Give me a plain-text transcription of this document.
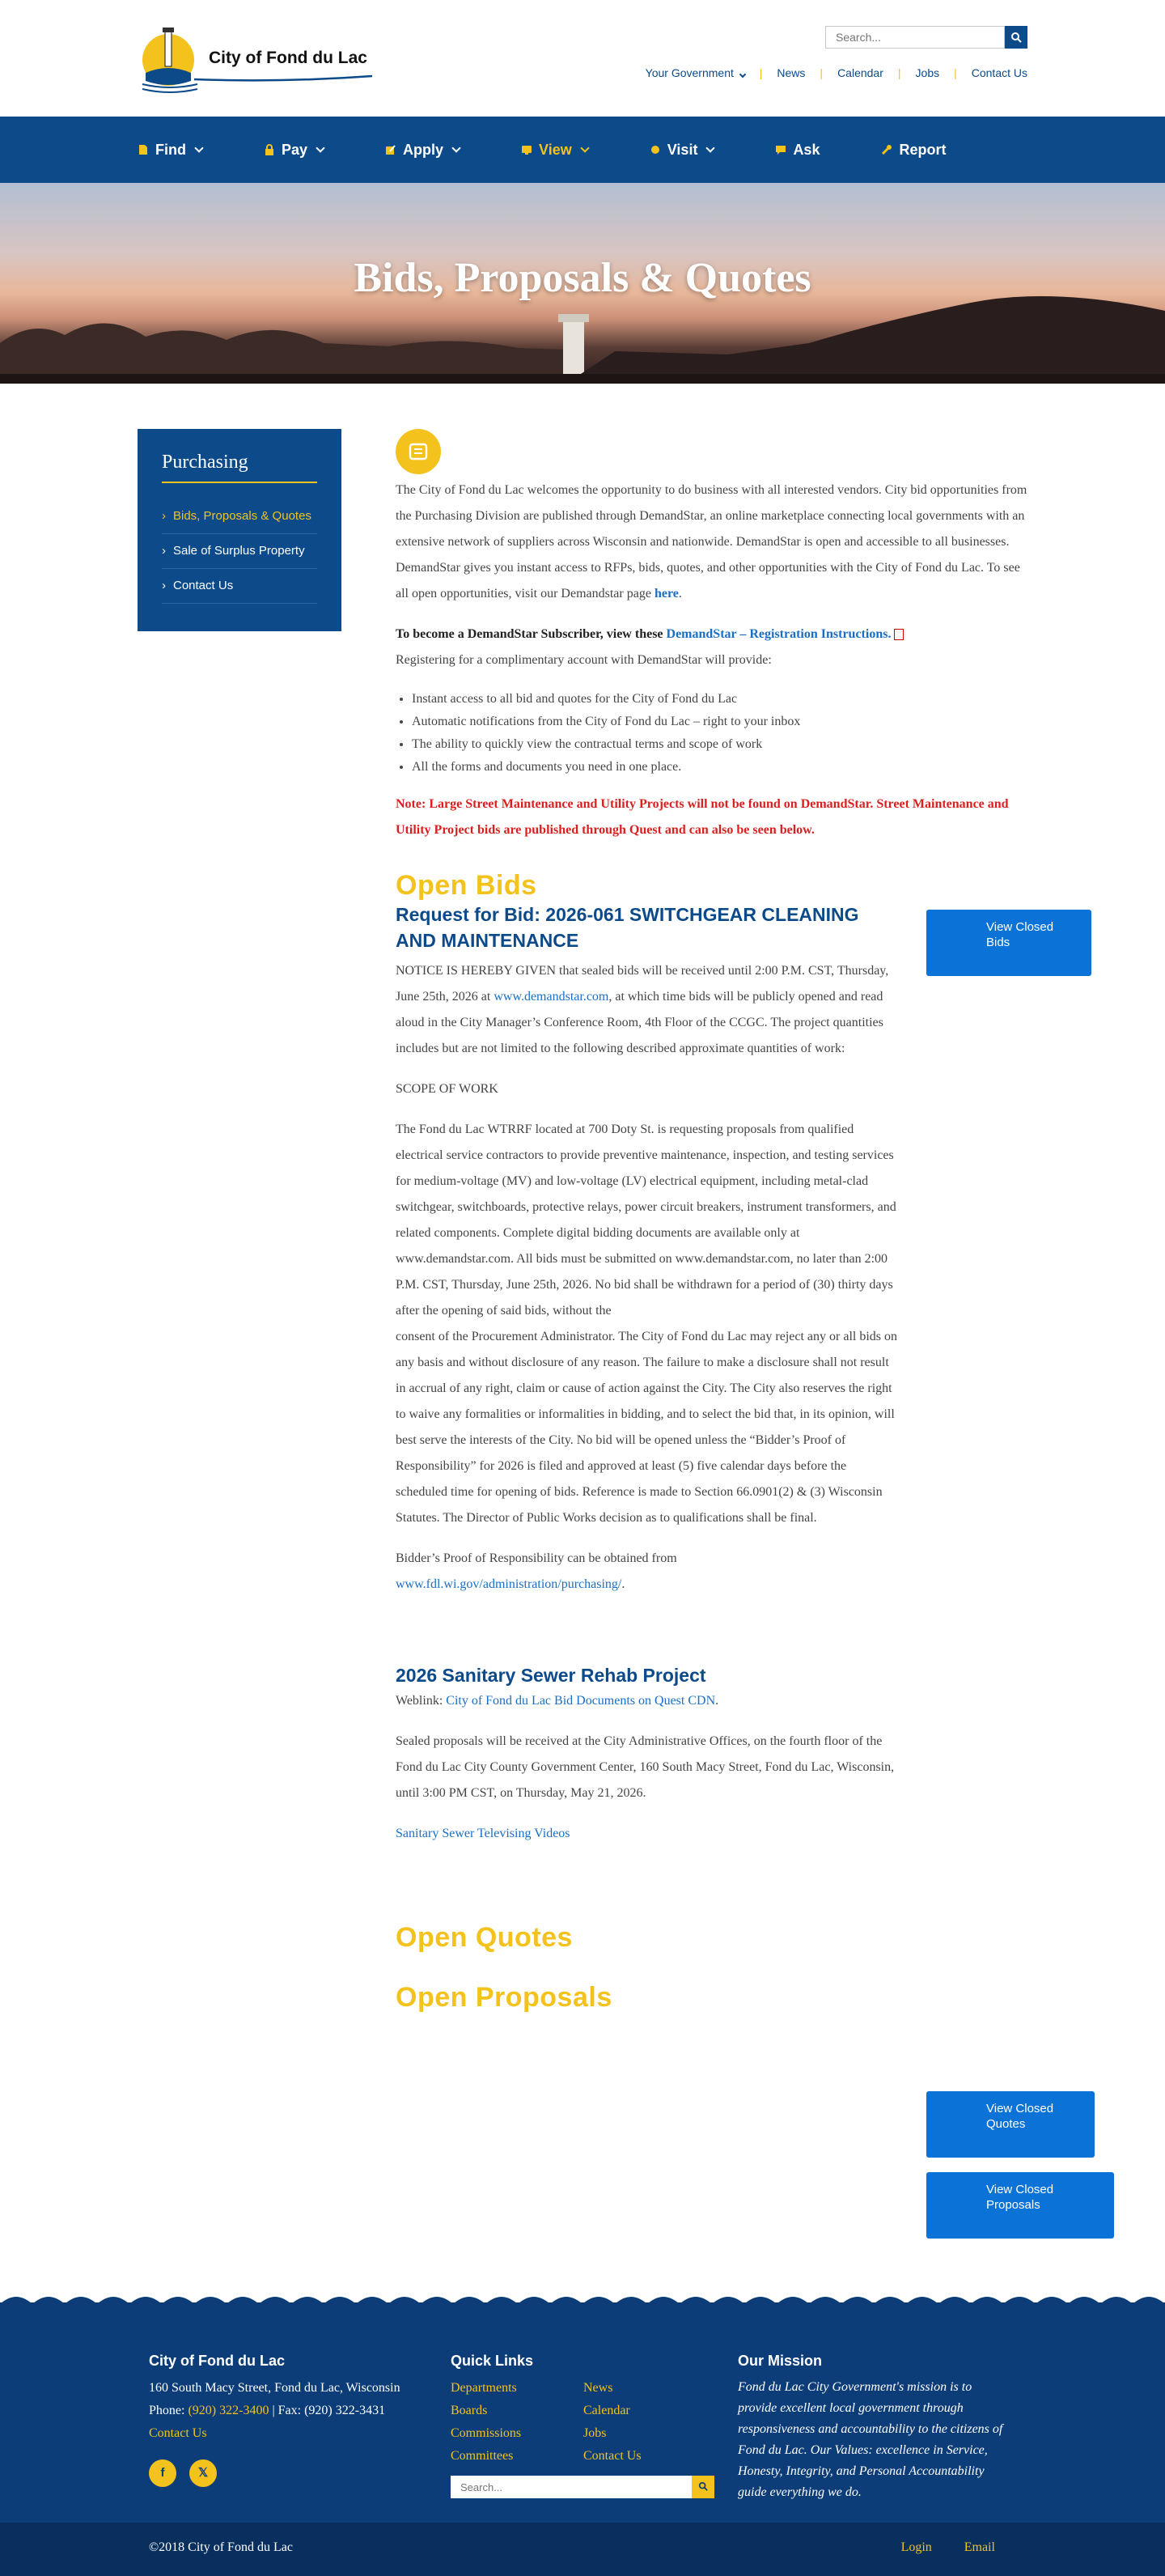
City of Fond du Lac
Search...
Your Government	|	News	|	Calendar	|	Jobs	|	Contact Us
Find	Pay	Apply	View	Visit	Ask	Report
Bids, Proposals & Quotes
Purchasing
› Bids, Proposals & Quotes
› Sale of Surplus Property
› Contact Us

The City of Fond du Lac welcomes the opportunity to do business with all interested vendors. City bid opportunities from the Purchasing Division are published through DemandStar, an online marketplace connecting local governments with an extensive network of suppliers across Wisconsin and nationwide. DemandStar is open and accessible to all businesses. DemandStar gives you instant access to RFPs, bids, quotes, and other opportunities with the City of Fond du Lac. To see all open opportunities, visit our Demandstar page here.

To become a DemandStar Subscriber, view these DemandStar – Registration Instructions.

Registering for a complimentary account with DemandStar will provide:

• Instant access to all bid and quotes for the City of Fond du Lac
• Automatic notifications from the City of Fond du Lac – right to your inbox
• The ability to quickly view the contractual terms and scope of work
• All the forms and documents you need in one place.

Note: Large Street Maintenance and Utility Projects will not be found on DemandStar. Street Maintenance and Utility Project bids are published through Quest and can also be seen below.

Open Bids
Request for Bid: 2026-061 SWITCHGEAR CLEANING AND MAINTENANCE

NOTICE IS HEREBY GIVEN that sealed bids will be received until 2:00 P.M. CST, Thursday, June 25th, 2026 at www.demandstar.com, at which time bids will be publicly opened and read aloud in the City Manager’s Conference Room, 4th Floor of the CCGC. The project quantities includes but are not limited to the following described approximate quantities of work:

SCOPE OF WORK

The Fond du Lac WTRRF located at 700 Doty St. is requesting proposals from qualified electrical service contractors to provide preventive maintenance, inspection, and testing services for medium-voltage (MV) and low-voltage (LV) electrical equipment, including metal-clad switchgear, switchboards, protective relays, power circuit breakers, instrument transformers, and related components. Complete digital bidding documents are available only at www.demandstar.com. All bids must be submitted on www.demandstar.com, no later than 2:00 P.M. CST, Thursday, June 25th, 2026. No bid shall be withdrawn for a period of (30) thirty days after the opening of said bids, without the

consent of the Procurement Administrator. The City of Fond du Lac may reject any or all bids on any basis and without disclosure of any reason. The failure to make a disclosure shall not result in accrual of any right, claim or cause of action against the City. The City also reserves the right to waive any formalities or informalities in bidding, and to select the bid that, in its opinion, will best serve the interests of the City. No bid will be opened unless the “Bidder’s Proof of Responsibility” for 2026 is filed and approved at least (5) five calendar days before the scheduled time for opening of bids. Reference is made to Section 66.0901(2) & (3) Wisconsin Statutes. The Director of Public Works decision as to qualifications shall be final.

Bidder’s Proof of Responsibility can be obtained from www.fdl.wi.gov/administration/purchasing/.

2026 Sanitary Sewer Rehab Project

Weblink: City of Fond du Lac Bid Documents on Quest CDN.

Sealed proposals will be received at the City Administrative Offices, on the fourth floor of the Fond du Lac City County Government Center, 160 South Macy Street, Fond du Lac, Wisconsin, until 3:00 PM CST, on Thursday, May 21, 2026.

Sanitary Sewer Televising Videos

Open Quotes
Open Proposals
View Closed Bids
View Closed Quotes
View Closed Proposals
City of Fond du Lac
160 South Macy Street, Fond du Lac, Wisconsin
Phone: (920) 322-3400 | Fax: (920) 322-3431
Contact Us
f	𝕏
Quick Links
Departments	News
Boards	Calendar
Commissions	Jobs
Committees	Contact Us
Search...
Our Mission
Fond du Lac City Government's mission is to provide excellent local government through responsiveness and accountability to the citizens of Fond du Lac. Our Values: excellence in Service, Honesty, Integrity, and Personal Accountability guide everything we do.
©2018 City of Fond du Lac	Login	Email
